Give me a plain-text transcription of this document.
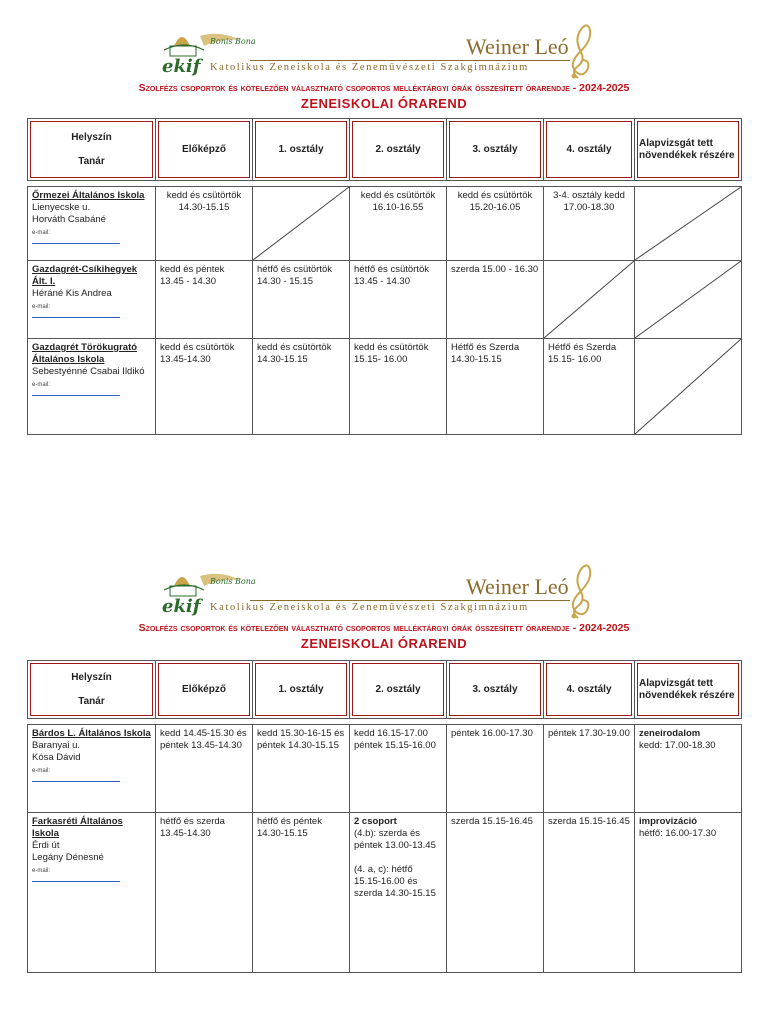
ekif
Bonis Bona	Weiner Leó
Katolikus Zeneiskola és Zeneművészeti Szakgimnázium
Szolfézs csoportok és kötelezően választható csoportos melléktárgyi órák összesített órarendje - 2024-2025
ZENEISKOLAI ÓRAREND
Helyszín

Tanár	Előképző	1. osztály	2. osztály	3. osztály	4. osztály	Alapvizsgát tett növendékek részére

Őrmezei Általános Iskola Lienyecske u.
Horváth Csabáné
e-mail:	kedd és csütörtök 14.30-15.15		kedd és csütörtök 16.10-16.55	kedd és csütörtök 15.20-16.05	3-4. osztály kedd 17.00-18.30	

Gazdagrét-Csíkihegyek Ált. I.
Héráné Kis Andrea
e-mail:	kedd és péntek 13.45 - 14.30	hétfő és csütörtök 14.30 - 15.15	hétfő és csütörtök 13.45 - 14.30	szerda 15.00 - 16.30	

Gazdagrét Törökugrató Általános Iskola
Sebestyénné Csabai Ildikó
e-mail:	kedd és csütörtök 13.45-14.30	kedd és csütörtök 14.30-15.15	kedd és csütörtök 15.15- 16.00	Hétfő és Szerda 14.30-15.15	Hétfő és Szerda 15.15- 16.00	
ekif
Bonis Bona	Weiner Leó
Katolikus Zeneiskola és Zeneművészeti Szakgimnázium
Szolfézs csoportok és kötelezően választható csoportos melléktárgyi órák összesített órarendje - 2024-2025
ZENEISKOLAI ÓRAREND
Helyszín

Tanár	Előképző	1. osztály	2. osztály	3. osztály	4. osztály	Alapvizsgát tett növendékek részére

Bárdos L. Általános Iskola
Baranyai u.
Kósa Dávid
e-mail:	kedd 14.45-15.30 és péntek 13.45-14.30	kedd 15.30-16-15 és péntek 14.30-15.15	kedd 16.15-17.00 péntek 15.15-16.00	péntek 16.00-17.30	péntek 17.30-19.00	zeneirodalom
kedd: 17.00-18.30
Farkasréti Általános Iskola
Érdi út
Legány Dénesné
e-mail:	hétfő és szerda 13.45-14.30	hétfő és péntek 14.30-15.15	2 csoport
(4.b): szerda és péntek 13.00-13.45

(4. a, c): hétfő 15.15-16.00 és szerda 14.30-15.15	szerda 15.15-16.45	szerda 15.15-16.45	improvizáció
hétfő: 16.00-17.30
